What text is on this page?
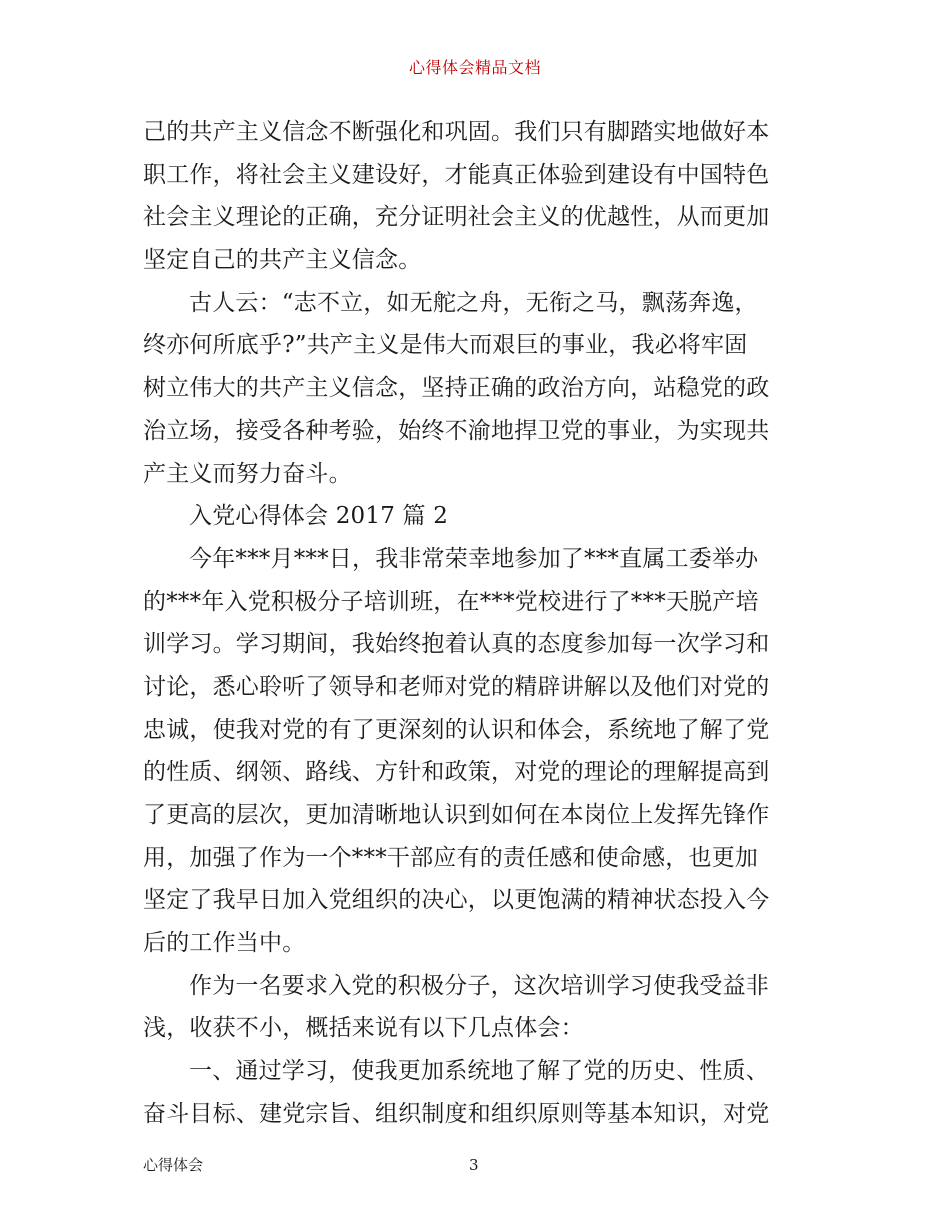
心得体会精品文档
己的共产主义信念不断强化和巩固。我们只有脚踏实地做好本
职工作，将社会主义建设好，才能真正体验到建设有中国特色
社会主义理论的正确，充分证明社会主义的优越性，从而更加
坚定自己的共产主义信念。
古人云：“志不立，如无舵之舟，无衔之马，飘荡奔逸，
终亦何所底乎?”共产主义是伟大而艰巨的事业，我必将牢固
树立伟大的共产主义信念，坚持正确的政治方向，站稳党的政
治立场，接受各种考验，始终不渝地捍卫党的事业，为实现共
产主义而努力奋斗。
入党心得体会 2017 篇 2
今年***月***日，我非常荣幸地参加了***直属工委举办
的***年入党积极分子培训班，在***党校进行了***天脱产培
训学习。学习期间，我始终抱着认真的态度参加每一次学习和
讨论，悉心聆听了领导和老师对党的精辟讲解以及他们对党的
忠诚，使我对党的有了更深刻的认识和体会，系统地了解了党
的性质、纲领、路线、方针和政策，对党的理论的理解提高到
了更高的层次，更加清晰地认识到如何在本岗位上发挥先锋作
用，加强了作为一个***干部应有的责任感和使命感，也更加
坚定了我早日加入党组织的决心，以更饱满的精神状态投入今
后的工作当中。
作为一名要求入党的积极分子，这次培训学习使我受益非
浅，收获不小，概括来说有以下几点体会：
一、通过学习，使我更加系统地了解了党的历史、性质、
奋斗目标、建党宗旨、组织制度和组织原则等基本知识，对党
心得体会	3
